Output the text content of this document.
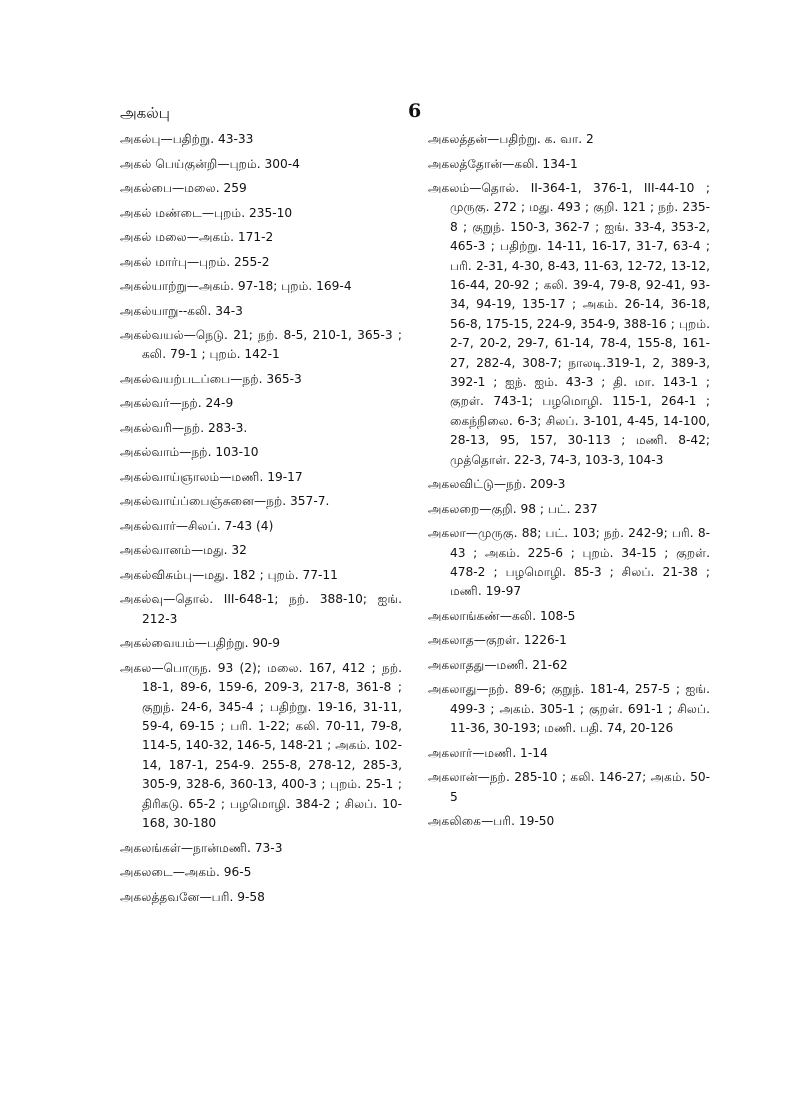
அகல்பு	6

அகல்பு—பதிற்று. 43-33

அகல் பெய்குன்றி—புறம். 300-4

அகல்பை—மலை. 259

அகல் மண்டை—புறம். 235-10

அகல் மலை—அகம். 171-2

அகல் மார்பு—புறம். 255-2

அகல்யாற்று—அகம். 97-18; புறம். 169-4

அகல்யாறு--கலி. 34-3

அகல்வயல்—நெடு. 21; நற். 8-5, 210-1, 365-3 ; கலி. 79-1 ; புறம். 142-1

அகல்வயற்படப்பை—நற். 365-3

அகல்வர்—நற். 24-9

அகல்வரி—நற். 283-3.

அகல்வாம்—நற். 103-10

அகல்வாய்ஞாலம்—மணி. 19-17

அகல்வாய்ப்பைஞ்சுனை—நற். 357-7.

அகல்வார்—சிலப். 7-43 (4)

அகல்வானம்—மது. 32

அகல்விசும்பு—மது. 182 ; புறம். 77-11

அகல்வு—தொல். III-648-1; நற். 388-10; ஐங். 212-3

அகல்வையம்—பதிற்று. 90-9

அகல—பொருந. 93 (2); மலை. 167, 412 ; நற். 18-1, 89-6, 159-6, 209-3, 217-8, 361-8 ; குறுந். 24-6, 345-4 ; பதிற்று. 19-16, 31-11, 59-4, 69-15 ; பரி. 1-22; கலி. 70-11, 79-8, 114-5, 140-32, 146-5, 148-21 ; அகம். 102-14, 187-1, 254-9. 255-8, 278-12, 285-3, 305-9, 328-6, 360-13, 400-3 ; புறம். 25-1 ; திரிகடு. 65-2 ; பழமொழி. 384-2 ; சிலப். 10-168, 30-180

அகலங்கள்—நான்மணி. 73-3

அகலடை—அகம். 96-5

அகலத்தவனே—பரி. 9-58

அகலத்தன்—பதிற்று. க. வா. 2

அகலத்தோன்—கலி. 134-1

அகலம்—தொல். II-364-1, 376-1, III-44-10 ; முருகு. 272 ; மது. 493 ; குறி. 121 ; நற். 235-8 ; குறுந். 150-3, 362-7 ; ஐங். 33-4, 353-2, 465-3 ; பதிற்று. 14-11, 16-17, 31-7, 63-4 ; பரி. 2-31, 4-30, 8-43, 11-63, 12-72, 13-12, 16-44, 20-92 ; கலி. 39-4, 79-8, 92-41, 93-34, 94-19, 135-17 ; அகம். 26-14, 36-18, 56-8, 175-15, 224-9, 354-9, 388-16 ; புறம். 2-7, 20-2, 29-7, 61-14, 78-4, 155-8, 161-27, 282-4, 308-7; நாலடி.319-1, 2, 389-3, 392-1 ; ஐந். ஐம். 43-3 ; தி. மா. 143-1 ; குறள். 743-1; பழமொழி. 115-1, 264-1 ; கைந்நிலை. 6-3; சிலப். 3-101, 4-45, 14-100, 28-13, 95, 157, 30-113 ; மணி. 8-42; முத்தொள். 22-3, 74-3, 103-3, 104-3

அகலவிட்டு—நற். 209-3

அகலறை—குறி. 98 ; பட். 237

அகலா—முருகு. 88; பட். 103; நற். 242-9; பரி. 8-43 ; அகம். 225-6 ; புறம். 34-15 ; குறள். 478-2 ; பழமொழி. 85-3 ; சிலப். 21-38 ; மணி. 19-97

அகலாங்கண்—கலி. 108-5

அகலாத—குறள். 1226-1

அகலாதது—மணி. 21-62

அகலாது—நற். 89-6; குறுந். 181-4, 257-5 ; ஐங். 499-3 ; அகம். 305-1 ; குறள். 691-1 ; சிலப். 11-36, 30-193; மணி. பதி. 74, 20-126

அகலார்—மணி. 1-14

அகலான்—நற். 285-10 ; கலி. 146-27; அகம். 50-5

அகலிகை—பரி. 19-50
